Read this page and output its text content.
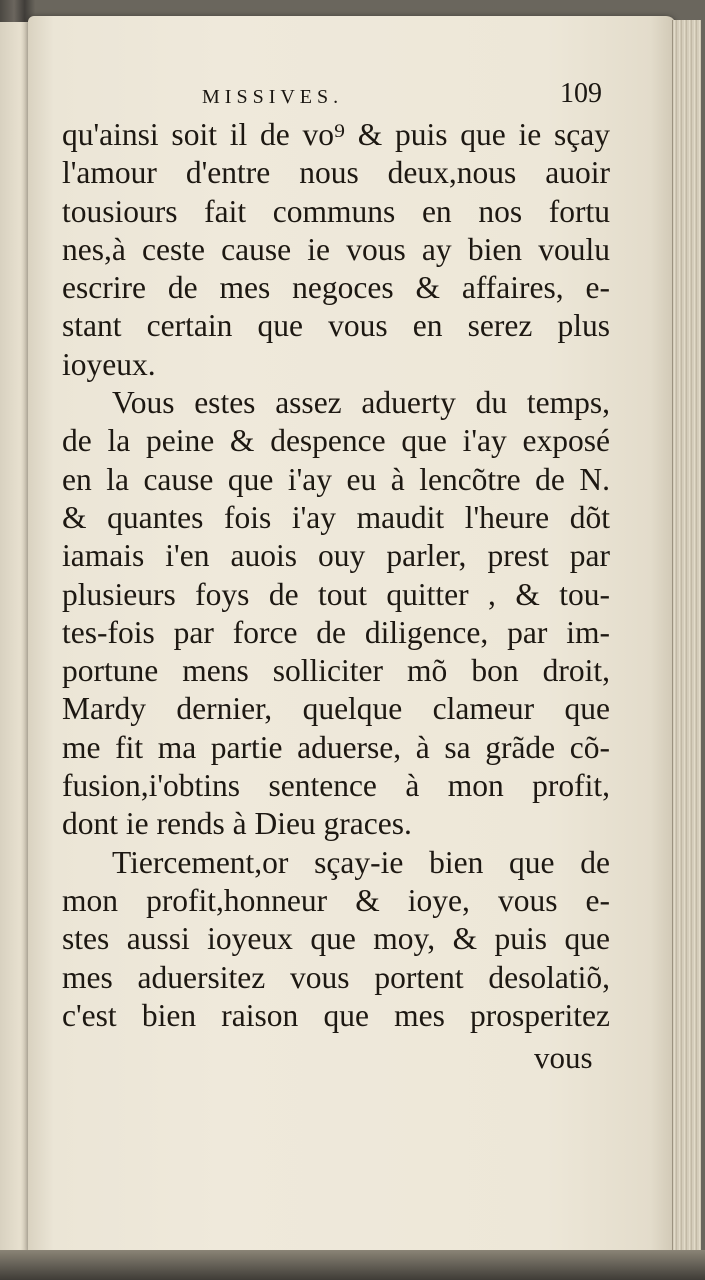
MISSIVES.	109
qu'ainsi soit il de vo⁹ & puis que ie sçay
l'amour d'entre nous deux,nous auoir
tousiours fait communs en nos fortu
nes,à ceste cause ie vous ay bien voulu
escrire de mes negoces & affaires, e-
stant certain que vous en serez plus
ioyeux.
Vous estes assez aduerty du temps,
de la peine & despence que i'ay exposé
en la cause que i'ay eu à lencõtre de N.
& quantes fois i'ay maudit l'heure dõt
iamais i'en auois ouy parler, prest par
plusieurs foys de tout quitter , & tou-
tes-fois par force de diligence, par im-
portune mens solliciter mõ bon droit,
Mardy dernier, quelque clameur que
me fit ma partie aduerse, à sa grãde cõ-
fusion,i'obtins sentence à mon profit,
dont ie rends à Dieu graces.
Tiercement,or sçay-ie bien que de
mon profit,honneur & ioye, vous e-
stes aussi ioyeux que moy, & puis que
mes aduersitez vous portent desolatiõ,
c'est bien raison que mes prosperitez
vous
